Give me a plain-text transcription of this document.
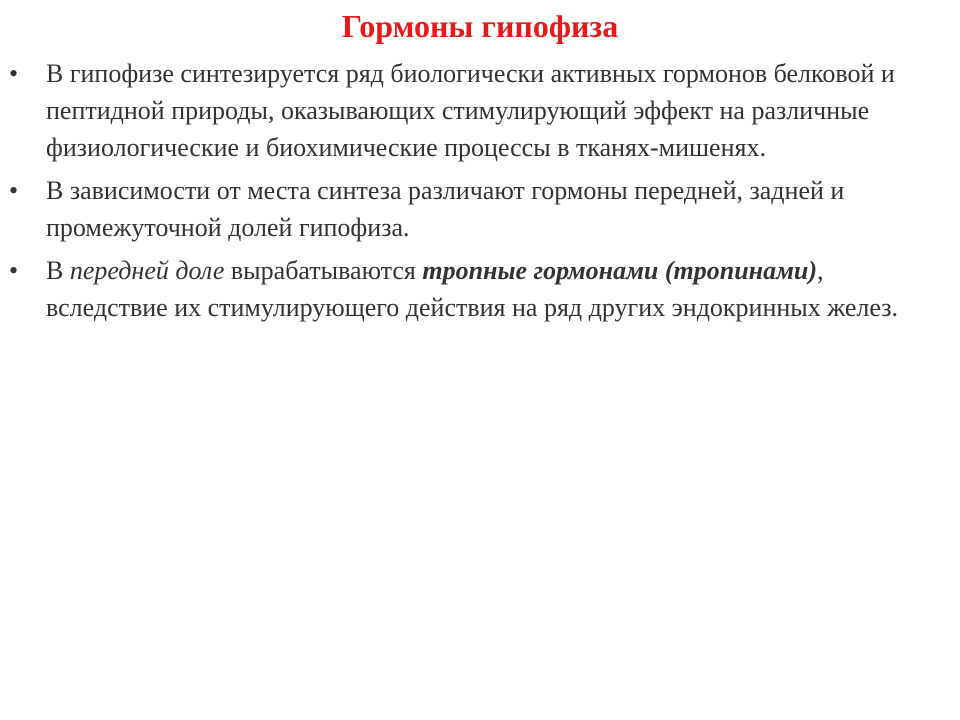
Гормоны гипофиза
• В гипофизе синтезируется ряд биологически активных гормонов белковой и пептидной природы, оказывающих стимулирующий эффект на различные физиологические и биохимические процессы в тканях-мишенях.
• В зависимости от места синтеза различают гормоны передней, задней и промежуточной долей гипофиза.
• В передней доле вырабатываются тропные гормонами (тропинами), вследствие их стимулирующего действия на ряд других эндокринных желез.
